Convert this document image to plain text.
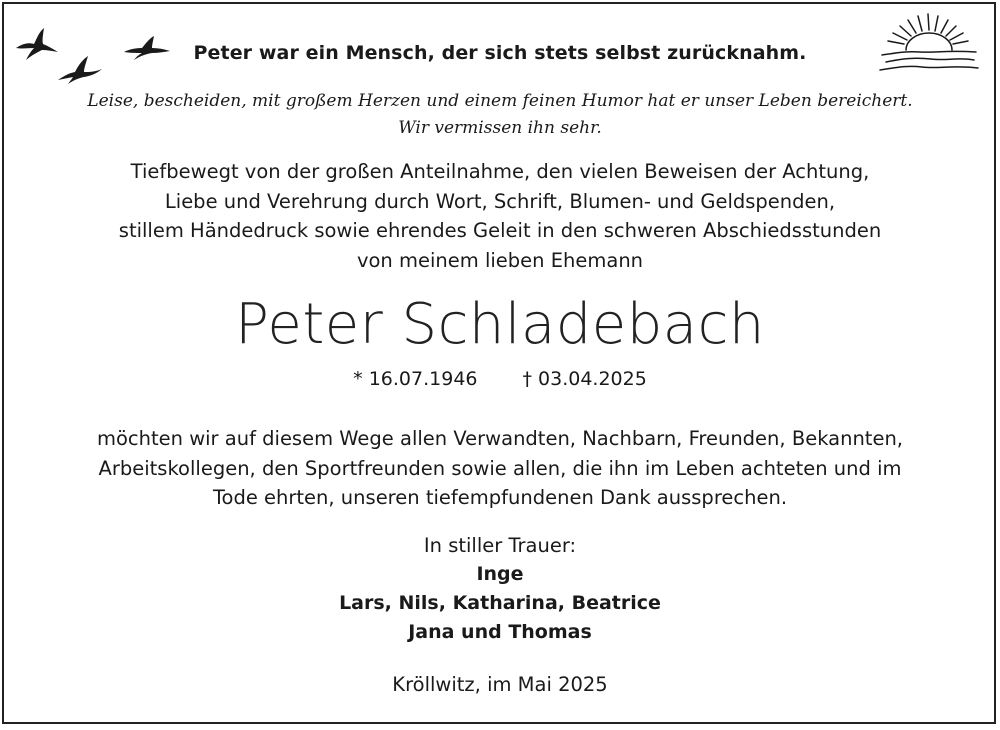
Peter war ein Mensch, der sich stets selbst zurücknahm.
Leise, bescheiden, mit großem Herzen und einem feinen Humor hat er unser Leben bereichert.
Wir vermissen ihn sehr.
Tiefbewegt von der großen Anteilnahme, den vielen Beweisen der Achtung,
Liebe und Verehrung durch Wort, Schrift, Blumen- und Geldspenden,
stillem Händedruck sowie ehrendes Geleit in den schweren Abschiedsstunden
von meinem lieben Ehemann
Peter Schladebach
* 16.07.1946 † 03.04.2025
möchten wir auf diesem Wege allen Verwandten, Nachbarn, Freunden, Bekannten,
Arbeitskollegen, den Sportfreunden sowie allen, die ihn im Leben achteten und im
Tode ehrten, unseren tiefempfundenen Dank aussprechen.
In stiller Trauer:
Inge
Lars, Nils, Katharina, Beatrice
Jana und Thomas
Kröllwitz, im Mai 2025
